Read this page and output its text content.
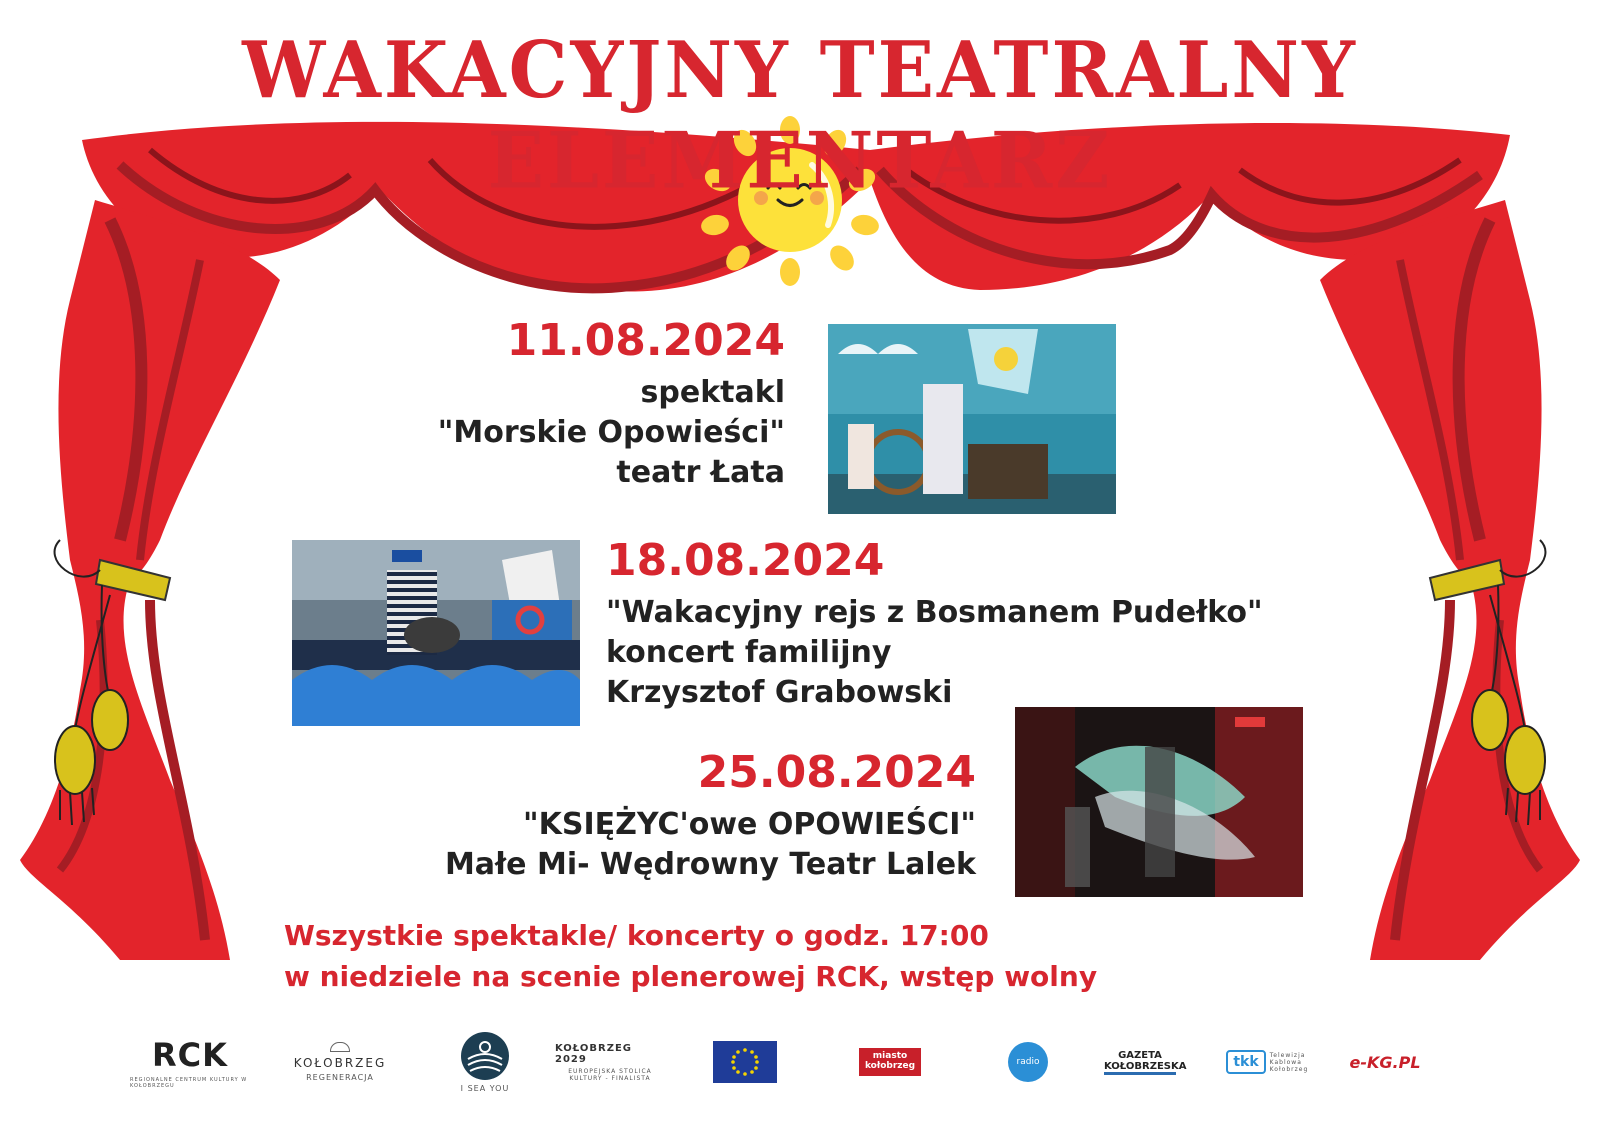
WAKACYJNY TEATRALNY ELEMENTARZ
11.08.2024
spektakl
"Morskie Opowieści"
teatr Łata
18.08.2024
"Wakacyjny rejs z Bosmanem Pudełko"
koncert familijny
Krzysztof Grabowski
25.08.2024
"KSIĘŻYC'owe OPOWIEŚCI"
Małe Mi- Wędrowny Teatr Lalek
Wszystkie spektakle/ koncerty o godz. 17:00
w niedziele na scenie plenerowej RCK, wstęp wolny
RCK
REGIONALNE CENTRUM KULTURY W KOŁOBRZEGU
KOŁOBRZEG
REGENERACJA
I SEA YOU
KOŁOBRZEG 2029
EUROPEJSKA STOLICA KULTURY - FINALISTA
miasto kołobrzeg	radio
GAZETA KOŁOBRZESKA	tkk	Telewizja Kablowa Kołobrzeg	e-KG.PL
